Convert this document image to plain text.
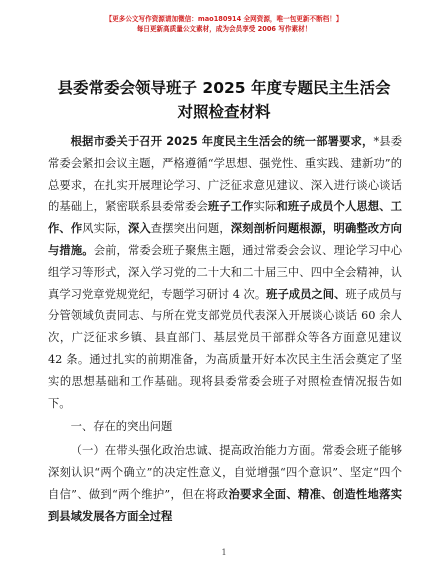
【更多公文写作资源请加微信：mao180914 全网资源，唯一包更新不断档！】
每日更新高质量公文素材，成为会员享受 2006 写作素材！
县委常委会领导班子 2025 年度专题民主生活会
对照检查材料

根据市委关于召开 2025 年度民主生活会的统一部署要求，*县委常委会紧扣会议主题，严格遵循“学思想、强党性、重实践、建新功”的总要求，在扎实开展理论学习、广泛征求意见建议、深入进行谈心谈话的基础上，紧密联系县委常委会班子工作实际和班子成员个人思想、工作、作风实际，深入查摆突出问题，深刻剖析问题根源，明确整改方向与措施。会前，常委会班子聚焦主题，通过常委会会议、理论学习中心组学习等形式，深入学习党的二十大和二十届三中、四中全会精神，认真学习党章党规党纪，专题学习研讨 4 次。班子成员之间、班子成员与分管领域负责同志、与所在党支部党员代表深入开展谈心谈话 60 余人次，广泛征求乡镇、县直部门、基层党员干部群众等各方面意见建议 42 条。通过扎实的前期准备，为高质量开好本次民主生活会奠定了坚实的思想基础和工作基础。现将县委常委会班子对照检查情况报告如下。

一、存在的突出问题

（一）在带头强化政治忠诚、提高政治能力方面。常委会班子能够深刻认识“两个确立”的决定性意义，自觉增强“四个意识”、坚定“四个自信”、做到“两个维护”，但在将政治要求全面、精准、创造性地落实到县域发展各方面全过程

1
